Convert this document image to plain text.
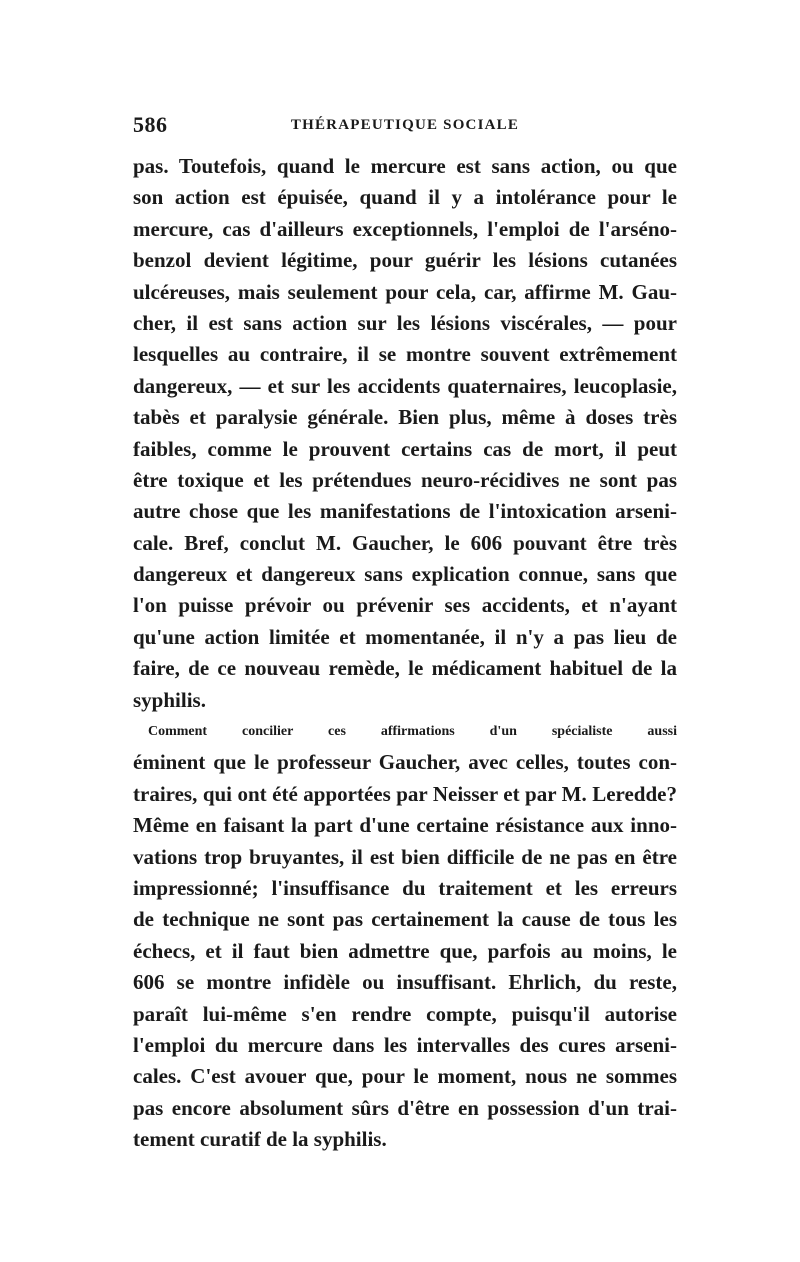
586	THÉRAPEUTIQUE SOCIALE
pas. Toutefois, quand le mercure est sans action, ou que
son action est épuisée, quand il y a intolérance pour le
mercure, cas d'ailleurs exceptionnels, l'emploi de l'arséno-
benzol devient légitime, pour guérir les lésions cutanées
ulcéreuses, mais seulement pour cela, car, affirme M. Gau-
cher, il est sans action sur les lésions viscérales, — pour
lesquelles au contraire, il se montre souvent extrêmement
dangereux, — et sur les accidents quaternaires, leucoplasie,
tabès et paralysie générale. Bien plus, même à doses très
faibles, comme le prouvent certains cas de mort, il peut
être toxique et les prétendues neuro-récidives ne sont pas
autre chose que les manifestations de l'intoxication arseni-
cale. Bref, conclut M. Gaucher, le 606 pouvant être très
dangereux et dangereux sans explication connue, sans que
l'on puisse prévoir ou prévenir ses accidents, et n'ayant
qu'une action limitée et momentanée, il n'y a pas lieu de
faire, de ce nouveau remède, le médicament habituel de la
syphilis.
Comment concilier ces affirmations d'un spécialiste aussi
éminent que le professeur Gaucher, avec celles, toutes con-
traires, qui ont été apportées par Neisser et par M. Leredde?
Même en faisant la part d'une certaine résistance aux inno-
vations trop bruyantes, il est bien difficile de ne pas en être
impressionné; l'insuffisance du traitement et les erreurs
de technique ne sont pas certainement la cause de tous les
échecs, et il faut bien admettre que, parfois au moins, le
606 se montre infidèle ou insuffisant. Ehrlich, du reste,
paraît lui-même s'en rendre compte, puisqu'il autorise
l'emploi du mercure dans les intervalles des cures arseni-
cales. C'est avouer que, pour le moment, nous ne sommes
pas encore absolument sûrs d'être en possession d'un trai-
tement curatif de la syphilis.
